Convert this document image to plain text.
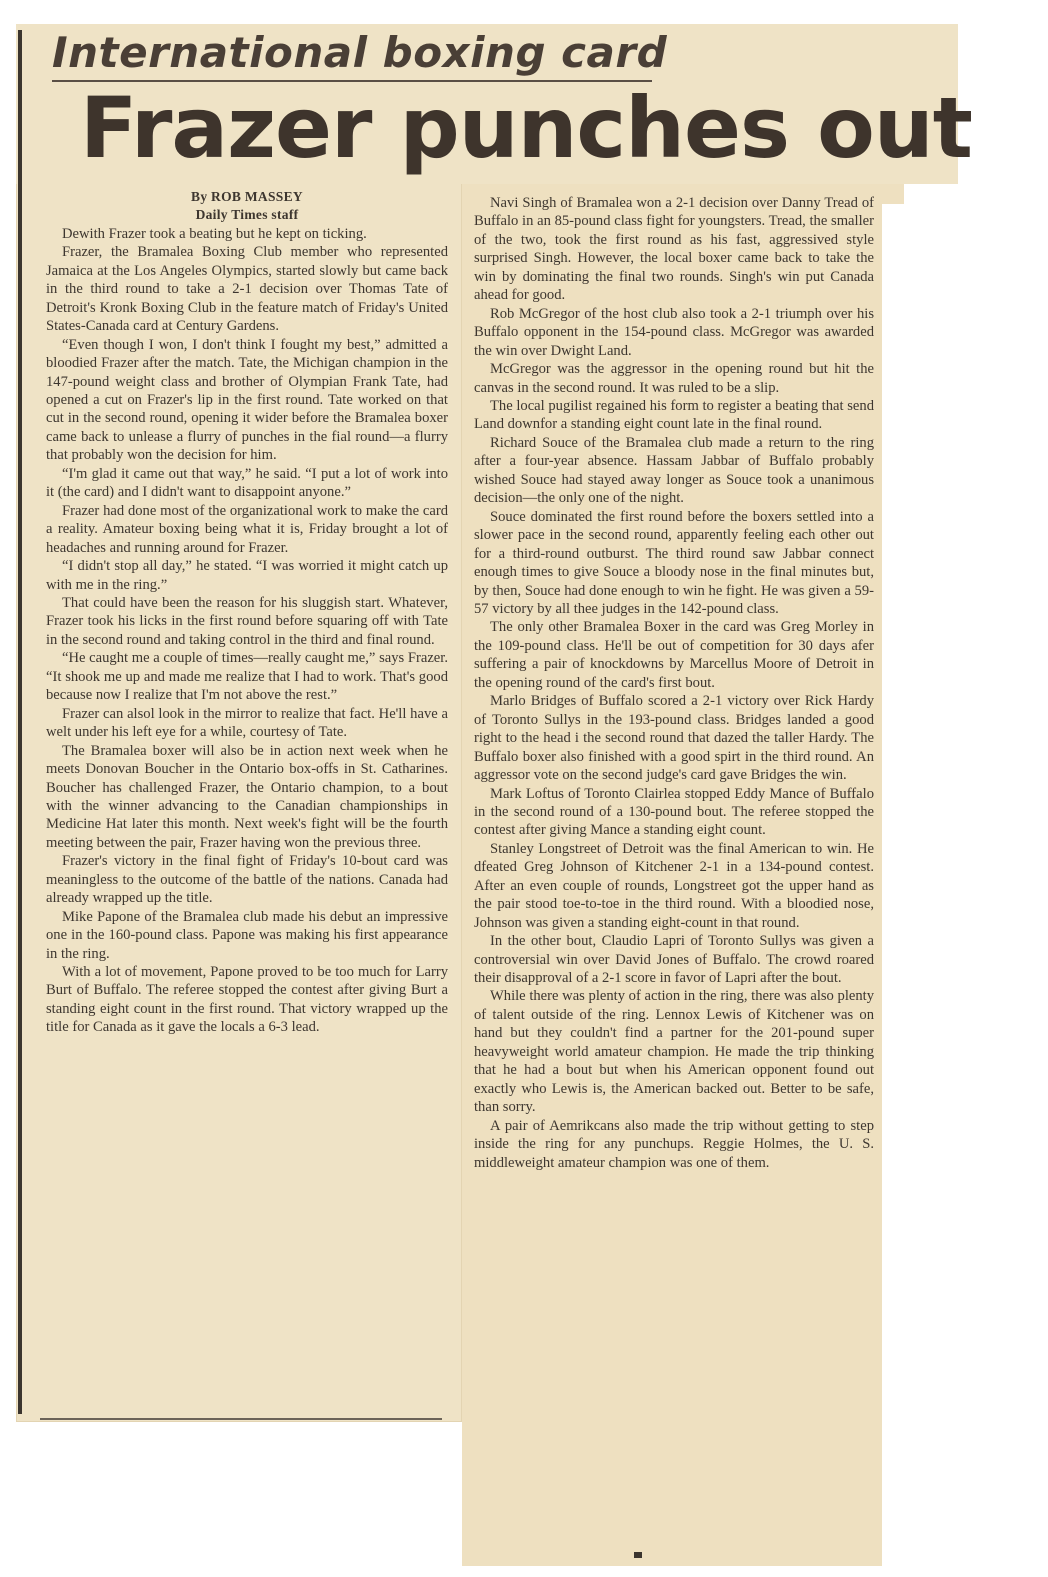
International boxing card
Frazer punches out
By ROB MASSEY
Daily Times staff

Dewith Frazer took a beating but he kept on ticking.

Frazer, the Bramalea Boxing Club member who represented Jamaica at the Los Angeles Olympics, started slowly but came back in the third round to take a 2-1 decision over Thomas Tate of Detroit's Kronk Boxing Club in the feature match of Friday's United States-Canada card at Century Gardens.

“Even though I won, I don't think I fought my best,” admitted a bloodied Frazer after the match. Tate, the Michigan champion in the 147-pound weight class and brother of Olympian Frank Tate, had opened a cut on Frazer's lip in the first round. Tate worked on that cut in the second round, opening it wider before the Bramalea boxer came back to unlease a flurry of punches in the fial round—a flurry that probably won the decision for him.

“I'm glad it came out that way,” he said. “I put a lot of work into it (the card) and I didn't want to disappoint anyone.”

Frazer had done most of the organizational work to make the card a reality. Amateur boxing being what it is, Friday brought a lot of headaches and running around for Frazer.

“I didn't stop all day,” he stated. “I was worried it might catch up with me in the ring.”

That could have been the reason for his sluggish start. Whatever, Frazer took his licks in the first round before squaring off with Tate in the second round and taking control in the third and final round.

“He caught me a couple of times—really caught me,” says Frazer. “It shook me up and made me realize that I had to work. That's good because now I realize that I'm not above the rest.”

Frazer can alsol look in the mirror to realize that fact. He'll have a welt under his left eye for a while, courtesy of Tate.

The Bramalea boxer will also be in action next week when he meets Donovan Boucher in the Ontario box-offs in St. Catharines. Boucher has challenged Frazer, the Ontario champion, to a bout with the winner advancing to the Canadian championships in Medicine Hat later this month. Next week's fight will be the fourth meeting between the pair, Frazer having won the previous three.

Frazer's victory in the final fight of Friday's 10-bout card was meaningless to the outcome of the battle of the nations. Canada had already wrapped up the title.

Mike Papone of the Bramalea club made his debut an impressive one in the 160-pound class. Papone was making his first appearance in the ring.

With a lot of movement, Papone proved to be too much for Larry Burt of Buffalo. The referee stopped the contest after giving Burt a standing eight count in the first round. That victory wrapped up the title for Canada as it gave the locals a 6-3 lead.

Navi Singh of Bramalea won a 2-1 decision over Danny Tread of Buffalo in an 85-pound class fight for youngsters. Tread, the smaller of the two, took the first round as his fast, aggressived style surprised Singh. However, the local boxer came back to take the win by dominating the final two rounds. Singh's win put Canada ahead for good.

Rob McGregor of the host club also took a 2-1 triumph over his Buffalo opponent in the 154-pound class. McGregor was awarded the win over Dwight Land.

McGregor was the aggressor in the opening round but hit the canvas in the second round. It was ruled to be a slip.

The local pugilist regained his form to register a beating that send Land downfor a standing eight count late in the final round.

Richard Souce of the Bramalea club made a return to the ring after a four-year absence. Hassam Jabbar of Buffalo probably wished Souce had stayed away longer as Souce took a unanimous decision—the only one of the night.

Souce dominated the first round before the boxers settled into a slower pace in the second round, apparently feeling each other out for a third-round outburst. The third round saw Jabbar connect enough times to give Souce a bloody nose in the final minutes but, by then, Souce had done enough to win he fight. He was given a 59-57 victory by all thee judges in the 142-pound class.

The only other Bramalea Boxer in the card was Greg Morley in the 109-pound class. He'll be out of competition for 30 days afer suffering a pair of knockdowns by Marcellus Moore of Detroit in the opening round of the card's first bout.

Marlo Bridges of Buffalo scored a 2-1 victory over Rick Hardy of Toronto Sullys in the 193-pound class. Bridges landed a good right to the head i the second round that dazed the taller Hardy. The Buffalo boxer also finished with a good spirt in the third round. An aggressor vote on the second judge's card gave Bridges the win.

Mark Loftus of Toronto Clairlea stopped Eddy Mance of Buffalo in the second round of a 130-pound bout. The referee stopped the contest after giving Mance a standing eight count.

Stanley Longstreet of Detroit was the final American to win. He dfeated Greg Johnson of Kitchener 2-1 in a 134-pound contest. After an even couple of rounds, Longstreet got the upper hand as the pair stood toe-to-toe in the third round. With a bloodied nose, Johnson was given a standing eight-count in that round.

In the other bout, Claudio Lapri of Toronto Sullys was given a controversial win over David Jones of Buffalo. The crowd roared their disapproval of a 2-1 score in favor of Lapri after the bout.

While there was plenty of action in the ring, there was also plenty of talent outside of the ring. Lennox Lewis of Kitchener was on hand but they couldn't find a partner for the 201-pound super heavyweight world amateur champion. He made the trip thinking that he had a bout but when his American opponent found out exactly who Lewis is, the American backed out. Better to be safe, than sorry.

A pair of Aemrikcans also made the trip without getting to step inside the ring for any punchups. Reggie Holmes, the U. S. middleweight amateur champion was one of them.
